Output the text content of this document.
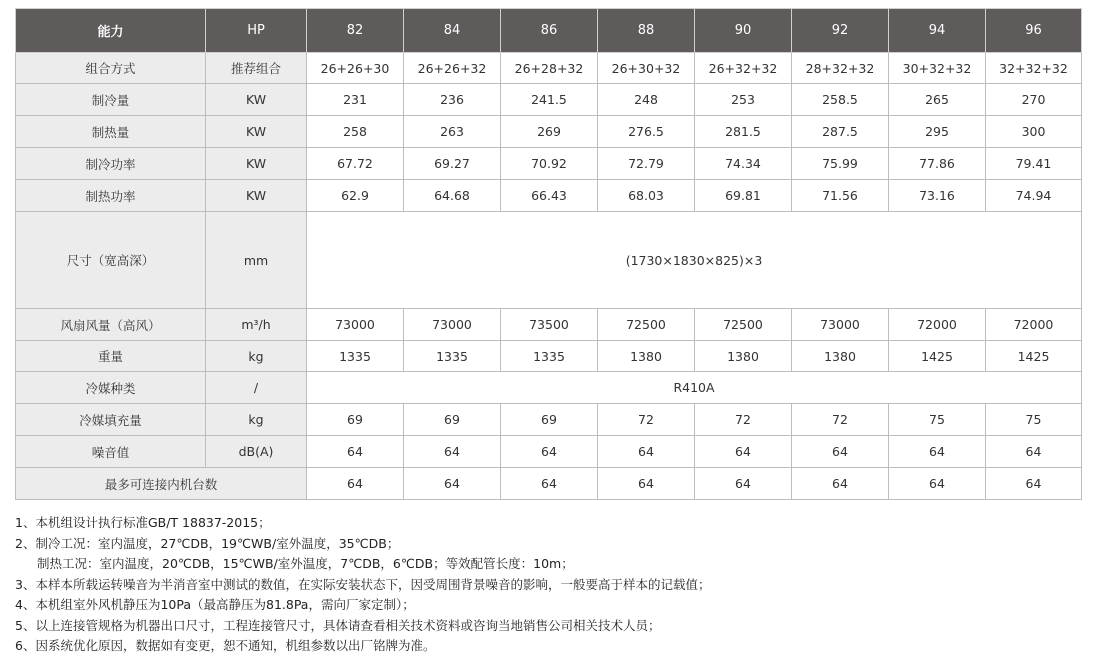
能力	HP	82	84	86	88	90	92	94	96
组合方式	推荐组合	26+26+30	26+26+32	26+28+32	26+30+32	26+32+32	28+32+32	30+32+32	32+32+32
制冷量	KW	231	236	241.5	248	253	258.5	265	270
制热量	KW	258	263	269	276.5	281.5	287.5	295	300
制冷功率	KW	67.72	69.27	70.92	72.79	74.34	75.99	77.86	79.41
制热功率	KW	62.9	64.68	66.43	68.03	69.81	71.56	73.16	74.94
尺寸（宽高深）	mm	(1730×1830×825)×3							
风扇风量（高风）	m³/h	73000	73000	73500	72500	72500	73000	72000	72000
重量	kg	1335	1335	1335	1380	1380	1380	1425	1425
冷媒种类	/	R410A							
冷媒填充量	kg	69	69	69	72	72	72	75	75
噪音值	dB(A)	64	64	64	64	64	64	64	64
最多可连接内机台数		64	64	64	64	64	64	64	64
1、本机组设计执行标准GB/T 18837-2015；
2、制冷工况：室内温度，27℃DB，19℃WB/室外温度，35℃DB；
制热工况：室内温度，20℃DB，15℃WB/室外温度，7℃DB，6℃DB；等效配管长度：10m；
3、本样本所载运转噪音为半消音室中测试的数值，在实际安装状态下，因受周围背景噪音的影响，一般要高于样本的记载值；
4、本机组室外风机静压为10Pa（最高静压为81.8Pa，需向厂家定制）；
5、以上连接管规格为机器出口尺寸，工程连接管尺寸，具体请查看相关技术资料或咨询当地销售公司相关技术人员；
6、因系统优化原因，数据如有变更，恕不通知，机组参数以出厂铭牌为准。
